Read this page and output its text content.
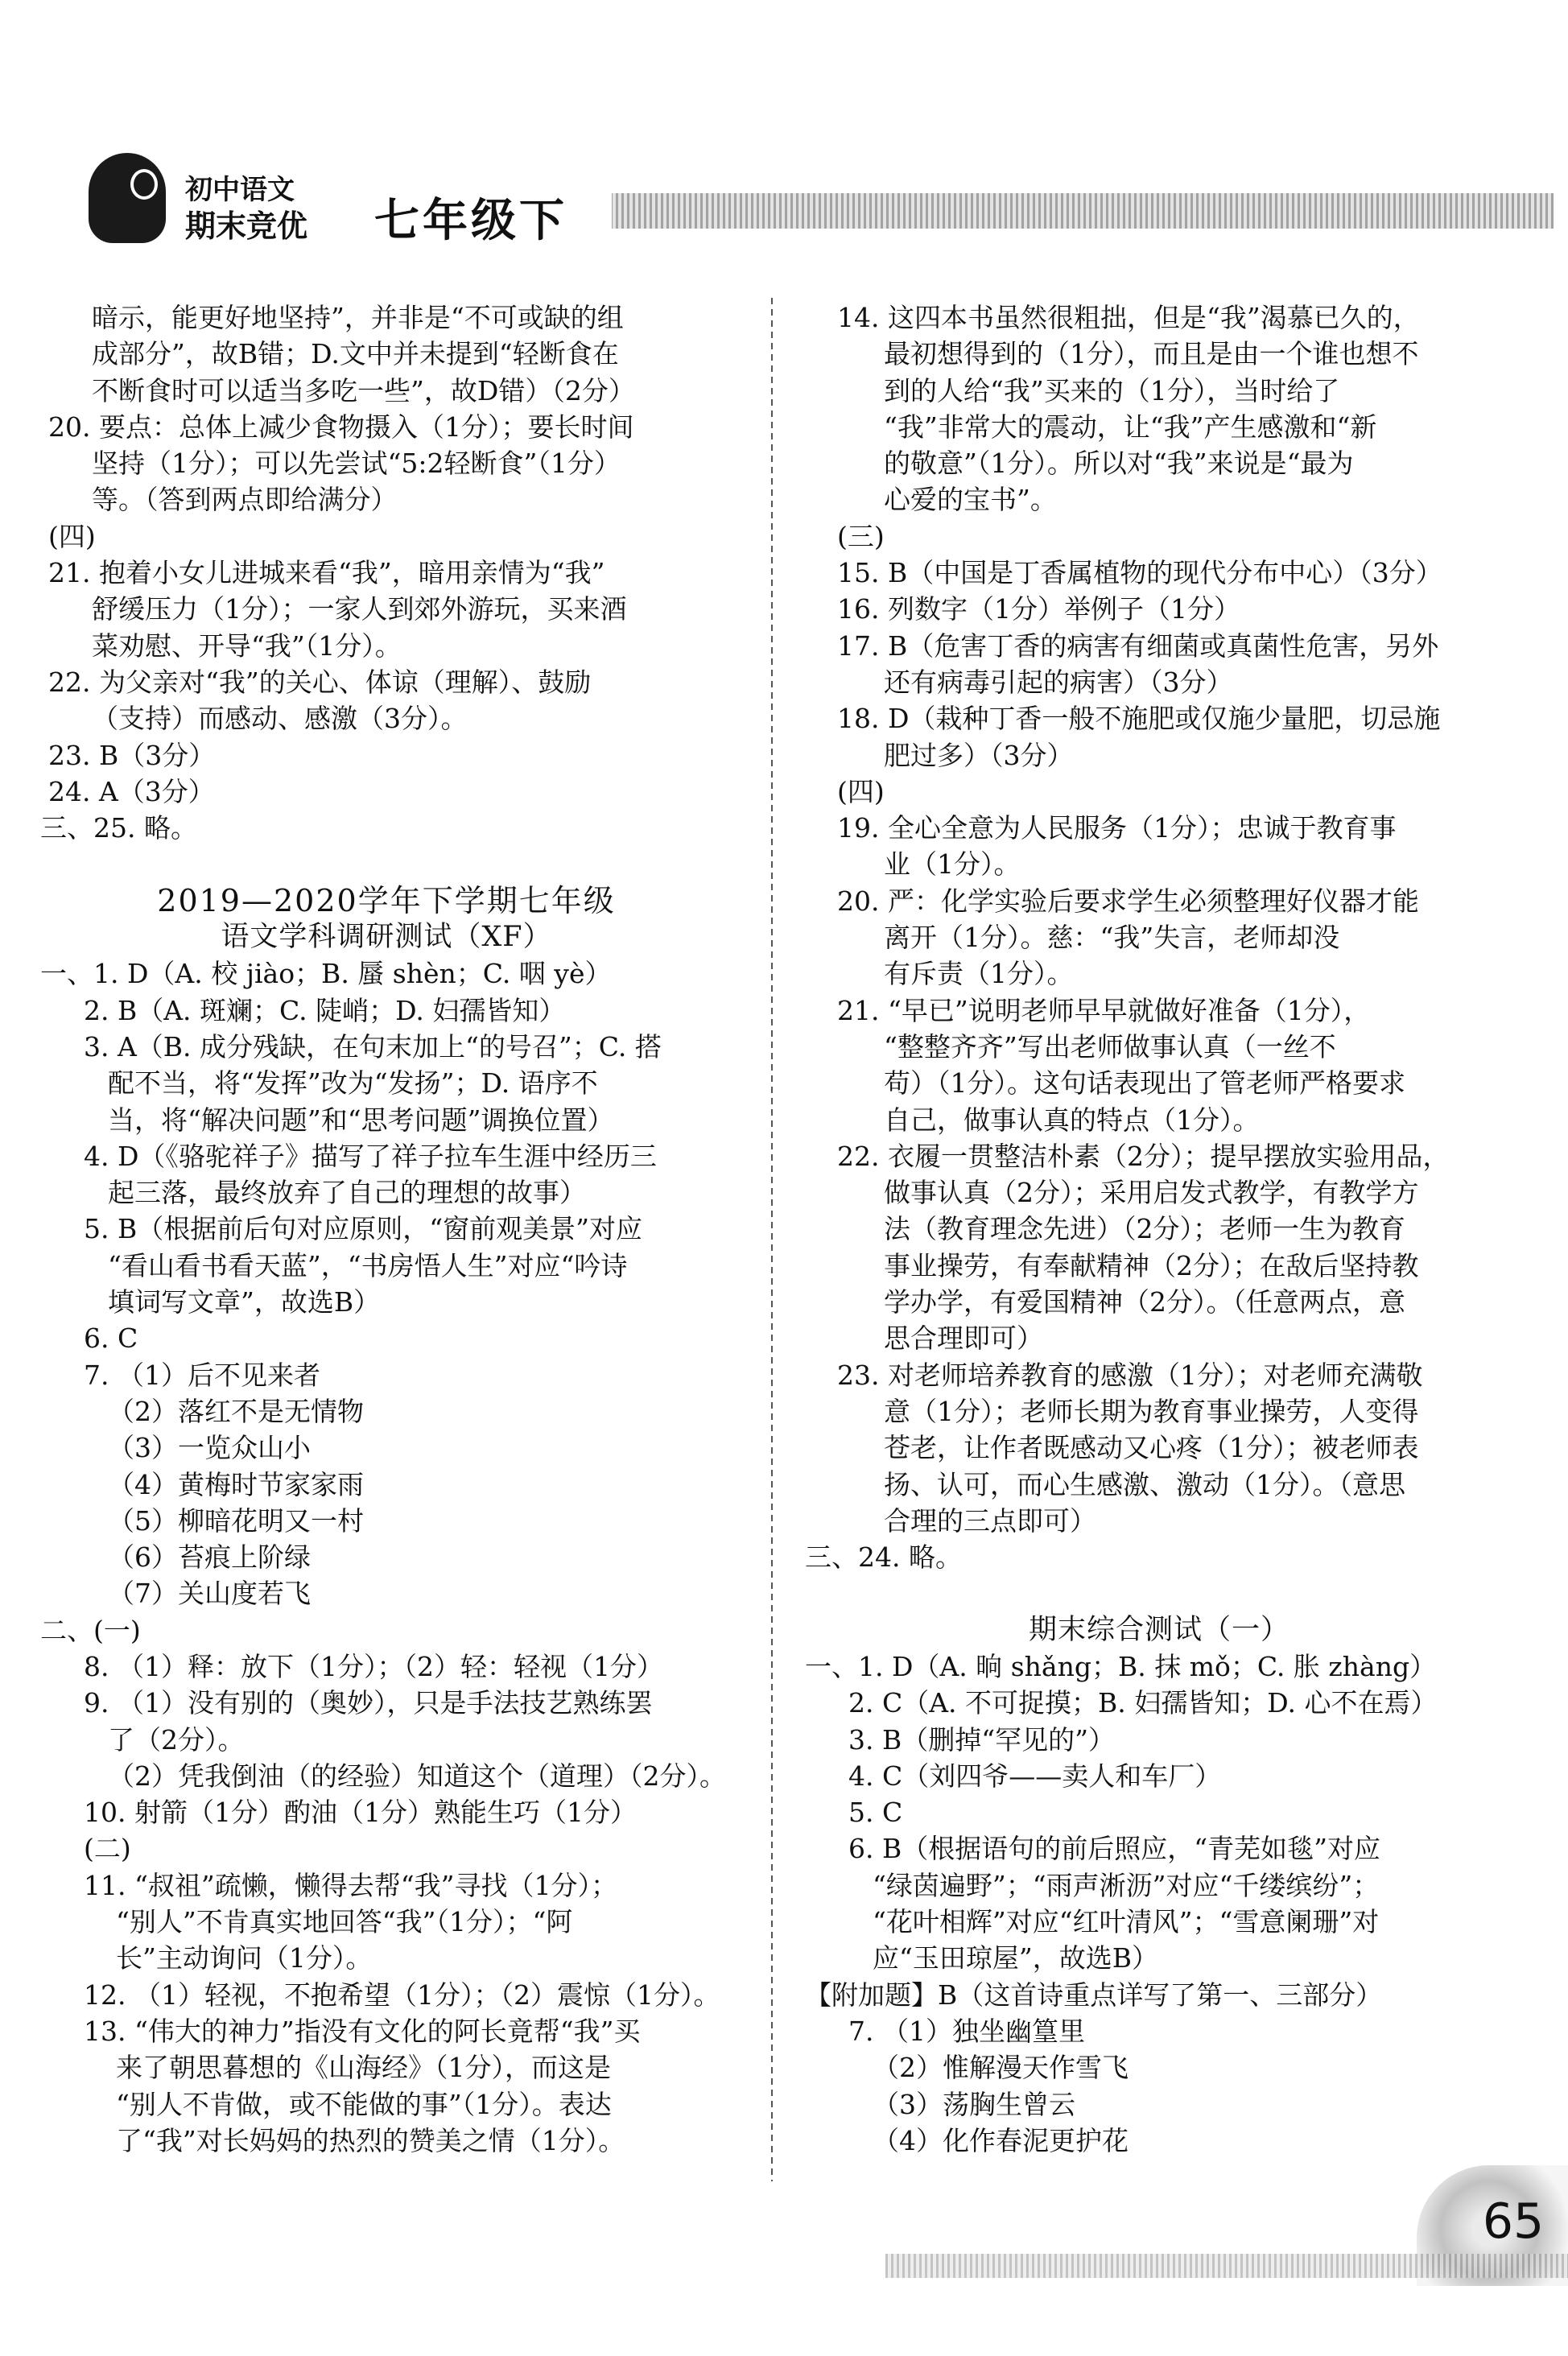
初中语文
期末竞优 七年级下
暗示，能更好地坚持”，并非是“不可或缺的组
成部分”，故B错；D.文中并未提到“轻断食在
不断食时可以适当多吃一些”，故D错）（2分）
20. 要点：总体上减少食物摄入（1分）；要长时间
坚持（1分）；可以先尝试“5:2轻断食”（1分）
等。（答到两点即给满分）
(四)
21. 抱着小女儿进城来看“我”，暗用亲情为“我”
舒缓压力（1分）；一家人到郊外游玩，买来酒
菜劝慰、开导“我”（1分）。
22. 为父亲对“我”的关心、体谅（理解）、鼓励
（支持）而感动、感激（3分）。
23. B（3分）
24. A（3分）
三、25. 略。
2019—2020学年下学期七年级
语文学科调研测试（XF）
一、1. D（A. 校 jiào；B. 蜃 shèn；C. 咽 yè）
2. B（A. 斑斓；C. 陡峭；D. 妇孺皆知）
3. A（B. 成分残缺，在句末加上“的号召”；C. 搭
配不当，将“发挥”改为“发扬”；D. 语序不
当，将“解决问题”和“思考问题”调换位置）
4. D（《骆驼祥子》描写了祥子拉车生涯中经历三
起三落，最终放弃了自己的理想的故事）
5. B（根据前后句对应原则，“窗前观美景”对应
“看山看书看天蓝”，“书房悟人生”对应“吟诗
填词写文章”，故选B）
6. C
7. （1）后不见来者
（2）落红不是无情物
（3）一览众山小
（4）黄梅时节家家雨
（5）柳暗花明又一村
（6）苔痕上阶绿
（7）关山度若飞
二、(一)
8. （1）释：放下（1分）；（2）轻：轻视（1分）
9. （1）没有别的（奥妙），只是手法技艺熟练罢
了（2分）。
（2）凭我倒油（的经验）知道这个（道理）（2分）。
10. 射箭（1分）酌油（1分）熟能生巧（1分）
(二)
11. “叔祖”疏懒，懒得去帮“我”寻找（1分）；
“别人”不肯真实地回答“我”（1分）；“阿
长”主动询问（1分）。
12. （1）轻视，不抱希望（1分）；（2）震惊（1分）。
13. “伟大的神力”指没有文化的阿长竟帮“我”买
来了朝思暮想的《山海经》（1分），而这是
“别人不肯做，或不能做的事”（1分）。表达
了“我”对长妈妈的热烈的赞美之情（1分）。
14. 这四本书虽然很粗拙，但是“我”渴慕已久的，
最初想得到的（1分），而且是由一个谁也想不
到的人给“我”买来的（1分），当时给了
“我”非常大的震动，让“我”产生感激和“新
的敬意”（1分）。所以对“我”来说是“最为
心爱的宝书”。
(三)
15. B（中国是丁香属植物的现代分布中心）（3分）
16. 列数字（1分）举例子（1分）
17. B（危害丁香的病害有细菌或真菌性危害，另外
还有病毒引起的病害）（3分）
18. D（栽种丁香一般不施肥或仅施少量肥，切忌施
肥过多）（3分）
(四)
19. 全心全意为人民服务（1分）；忠诚于教育事
业（1分）。
20. 严：化学实验后要求学生必须整理好仪器才能
离开（1分）。慈：“我”失言，老师却没
有斥责（1分）。
21. “早已”说明老师早早就做好准备（1分），
“整整齐齐”写出老师做事认真（一丝不
苟）（1分）。这句话表现出了管老师严格要求
自己，做事认真的特点（1分）。
22. 衣履一贯整洁朴素（2分）；提早摆放实验用品，
做事认真（2分）；采用启发式教学，有教学方
法（教育理念先进）（2分）；老师一生为教育
事业操劳，有奉献精神（2分）；在敌后坚持教
学办学，有爱国精神（2分）。（任意两点，意
思合理即可）
23. 对老师培养教育的感激（1分）；对老师充满敬
意（1分）；老师长期为教育事业操劳，人变得
苍老，让作者既感动又心疼（1分）；被老师表
扬、认可，而心生感激、激动（1分）。（意思
合理的三点即可）
三、24. 略。
期末综合测试（一）
一、1. D（A. 晌 shǎng；B. 抹 mǒ；C. 胀 zhàng）
2. C（A. 不可捉摸；B. 妇孺皆知；D. 心不在焉）
3. B（删掉“罕见的”）
4. C（刘四爷——卖人和车厂）
5. C
6. B（根据语句的前后照应，“青芜如毯”对应
“绿茵遍野”；“雨声淅沥”对应“千缕缤纷”；
“花叶相辉”对应“红叶清风”；“雪意阑珊”对
应“玉田琼屋”，故选B）
【附加题】B（这首诗重点详写了第一、三部分）
7. （1）独坐幽篁里
（2）惟解漫天作雪飞
（3）荡胸生曾云
（4）化作春泥更护花
65
